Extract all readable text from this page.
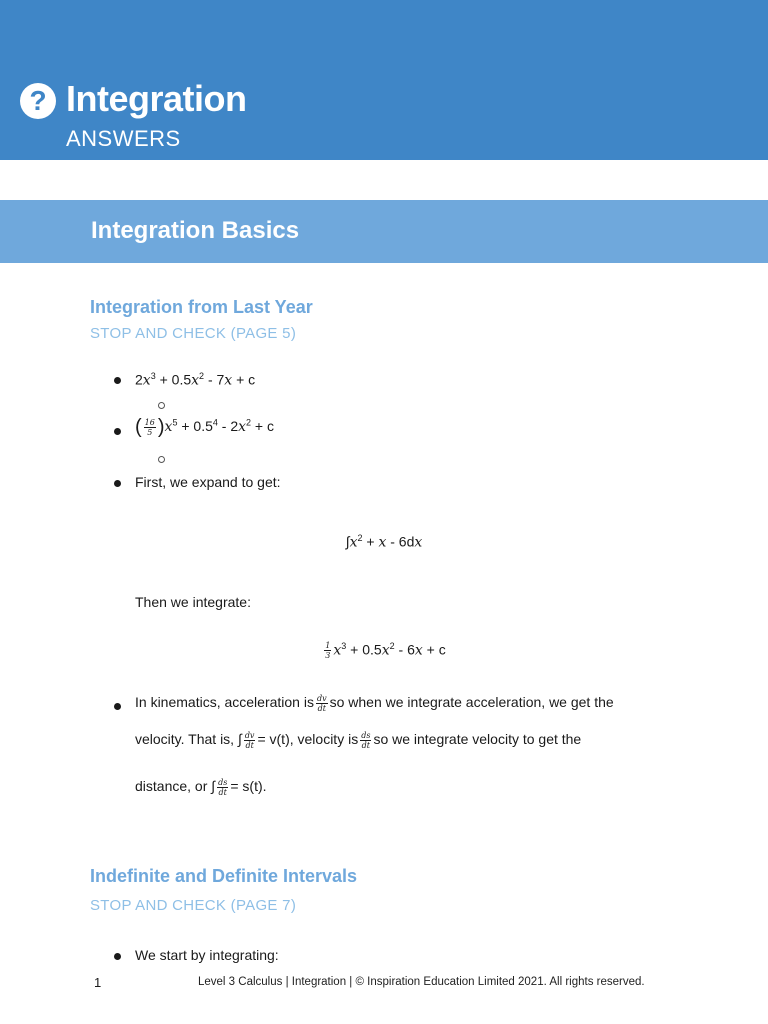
? Integration
ANSWERS
Integration Basics
Integration from Last Year
STOP AND CHECK (PAGE 5)
$2x^3 + 0.5x^2 - 7x + c$
( $\frac{16}{5} )x^5 + 0.5^4 - 2x^2 + c$
First, we expand to get:
$\int x^2 + x - 6dx$
Then we integrate:
$\frac{1}{3} x^3 + 0.5x^2 - 6x + c$
In kinematics, acceleration is $\frac{dv}{dt}$ so when we integrate acceleration, we get the
velocity. That is, ∫ $\frac{dv}{dt} = v(t)$, velocity is $\frac{ds}{dt}$ so we integrate velocity to get the
distance, or ∫ $\frac{ds}{dt} = s(t)$.
Indefinite and Definite Intervals
STOP AND CHECK (PAGE 7)
We start by integrating:
1	Level 3 Calculus | Integration | © Inspiration Education Limited 2021. All rights reserved.
